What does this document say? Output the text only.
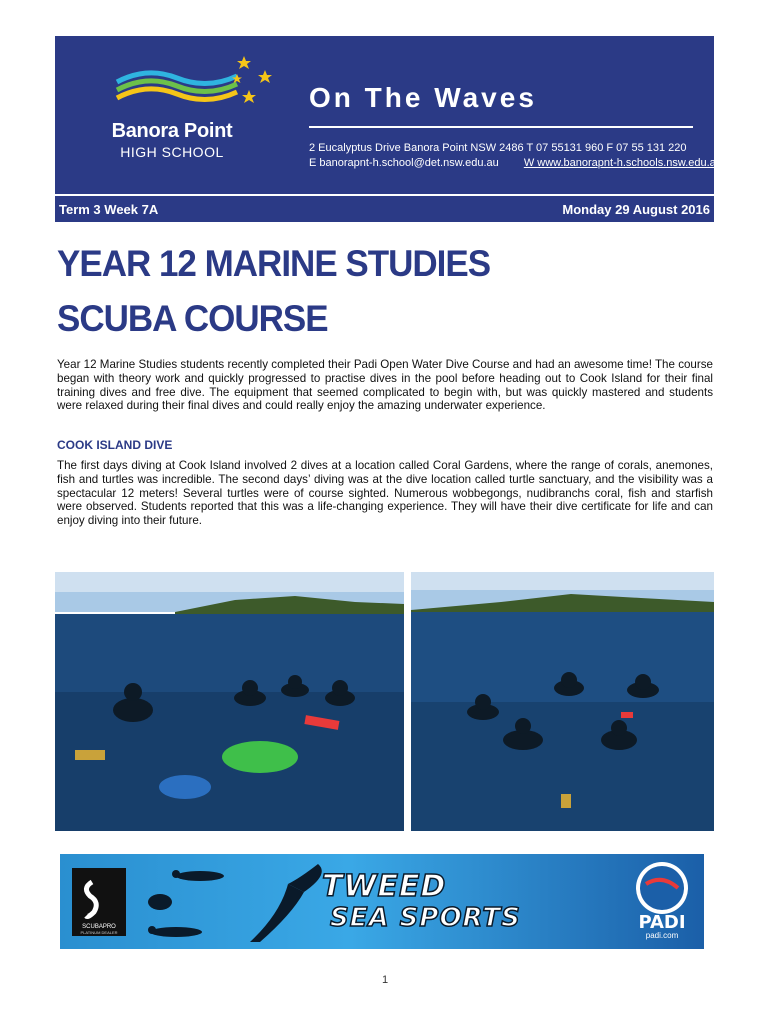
Banora Point
HIGH SCHOOL
On The Waves
2 Eucalyptus Drive Banora Point NSW 2486 T 07 55131 960 F 07 55 131 220
E banorapnt-h.school@det.nsw.edu.au W www.banorapnt-h.schools.nsw.edu.au
Term 3 Week 7A	Monday 29 August 2016
YEAR 12 MARINE STUDIES
SCUBA COURSE
Year 12 Marine Studies students recently completed their Padi Open Water Dive Course and had an awesome time! The course began with theory work and quickly progressed to practise dives in the pool before heading out to Cook Island for their final training dives and free dive. The equipment that seemed complicated to begin with, but was quickly mastered and students were relaxed during their final dives and could really enjoy the amazing underwater experience.
COOK ISLAND DIVE
The first days diving at Cook Island involved 2 dives at a location called Coral Gardens, where the range of corals, anemones, fish and turtles was incredible. The second days’ diving was at the dive location called turtle sanctuary, and the visibility was a spectacular 12 meters! Several turtles were of course sighted. Numerous wobbegongs, nudibranchs coral, fish and starfish were observed. Students reported that this was a life-changing experience. They will have their dive certificate for life and can enjoy diving into their future.
SCUBAPRO
PLATINUM DEALER
TWEED
SEA SPORTS	PADI
padi.com
1
